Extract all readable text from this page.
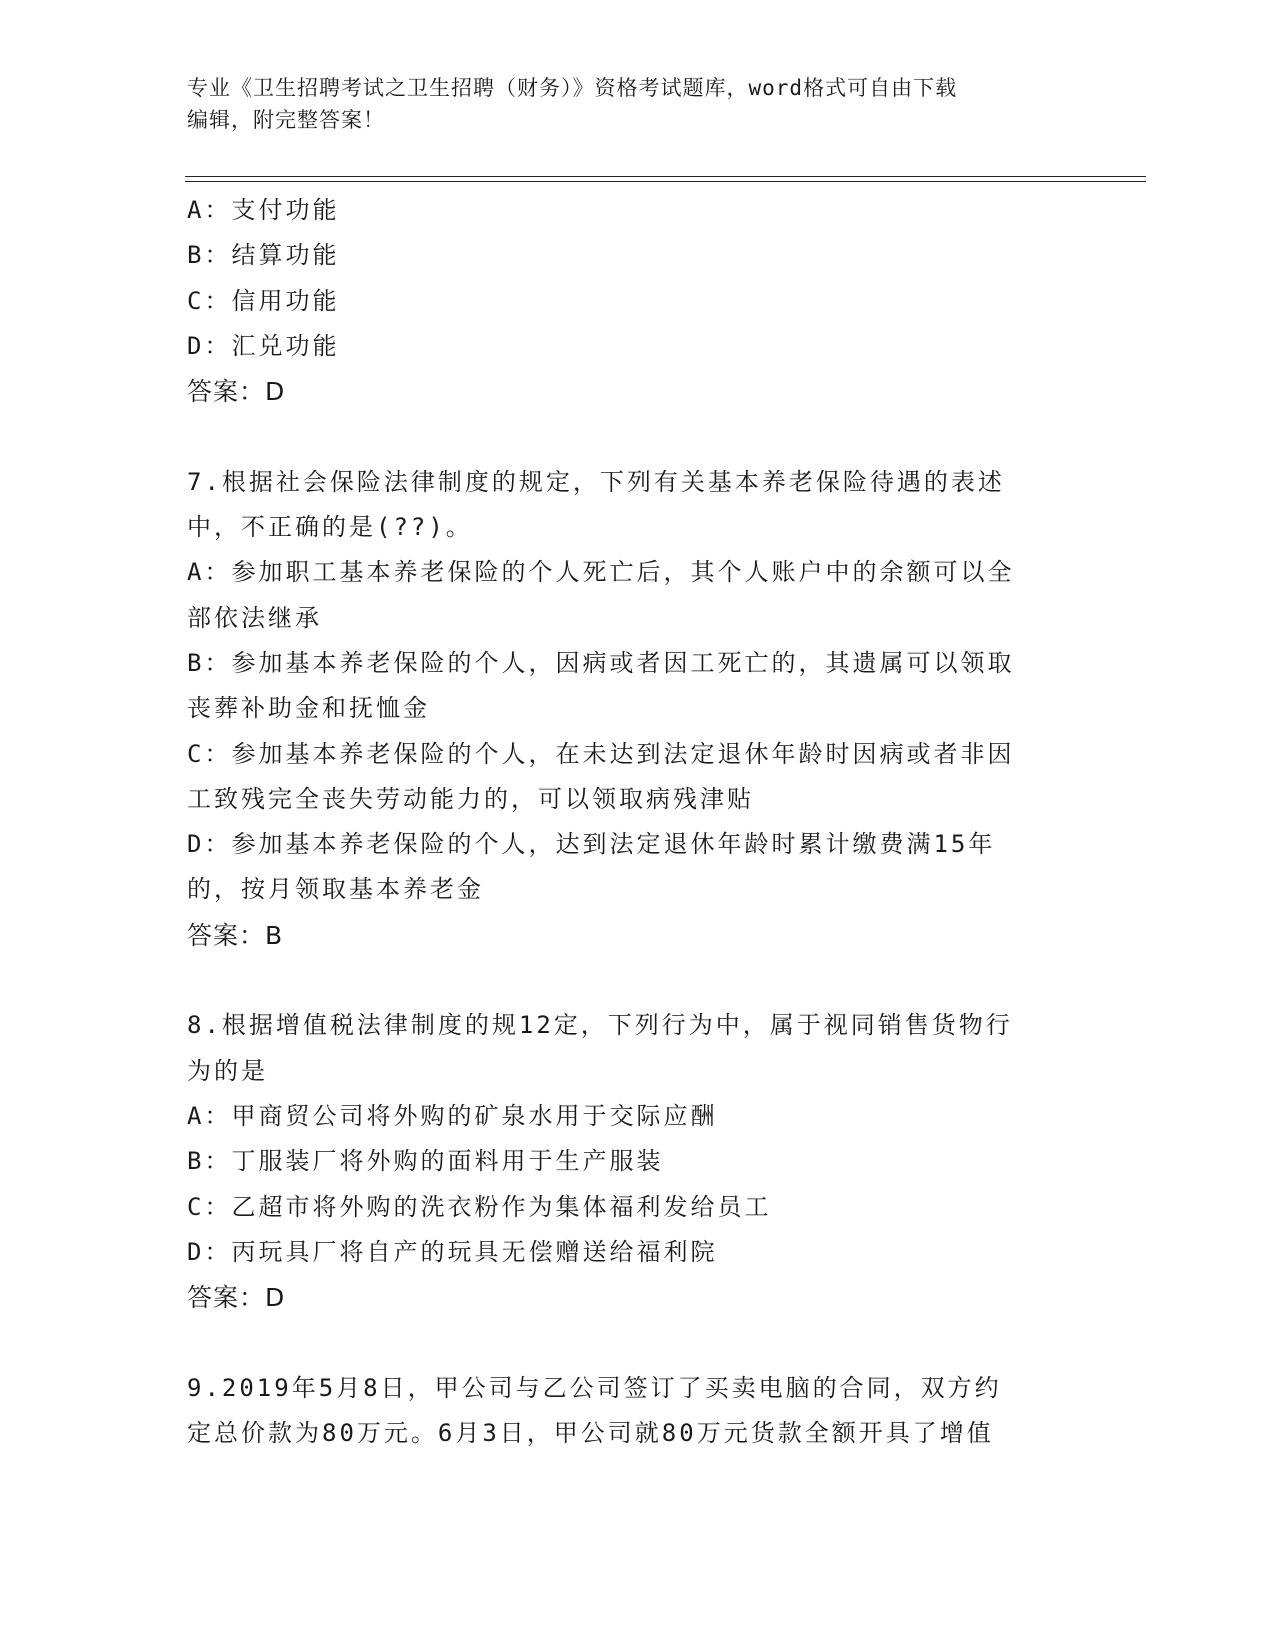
专业《卫生招聘考试之卫生招聘（财务）》资格考试题库，word格式可自由下载
编辑，附完整答案！
A：支付功能
B：结算功能
C：信用功能
D：汇兑功能
答案：D
7.根据社会保险法律制度的规定，下列有关基本养老保险待遇的表述
中，不正确的是(??)。
A：参加职工基本养老保险的个人死亡后，其个人账户中的余额可以全
部依法继承
B：参加基本养老保险的个人，因病或者因工死亡的，其遗属可以领取
丧葬补助金和抚恤金
C：参加基本养老保险的个人，在未达到法定退休年龄时因病或者非因
工致残完全丧失劳动能力的，可以领取病残津贴
D：参加基本养老保险的个人，达到法定退休年龄时累计缴费满15年
的，按月领取基本养老金
答案：B
8.根据增值税法律制度的规12定，下列行为中，属于视同销售货物行
为的是
A：甲商贸公司将外购的矿泉水用于交际应酬
B：丁服装厂将外购的面料用于生产服装
C：乙超市将外购的洗衣粉作为集体福利发给员工
D：丙玩具厂将自产的玩具无偿赠送给福利院
答案：D
9.2019年5月8日，甲公司与乙公司签订了买卖电脑的合同，双方约
定总价款为80万元。6月3日，甲公司就80万元货款全额开具了增值
